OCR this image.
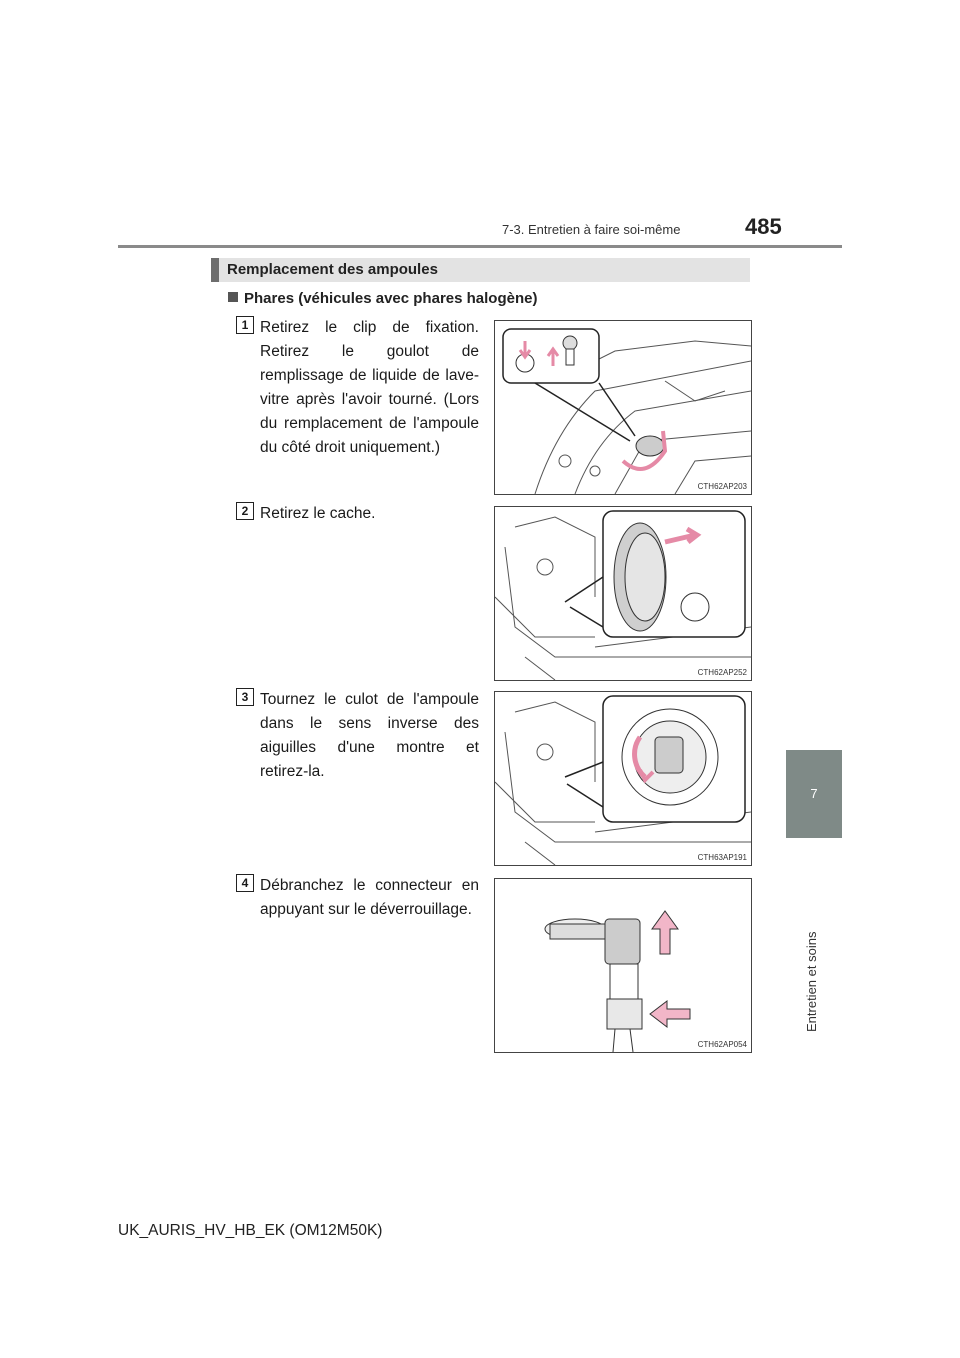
7-3. Entretien à faire soi-même	485
7
Entretien et soins
Remplacement des ampoules
Phares (véhicules avec phares halogène)
1 Retirez le clip de fixation. Retirez le goulot de remplissage de liquide de lave-vitre après l'avoir tourné. (Lors du remplacement de l'ampoule du côté droit uniquement.)
CTH62AP203
2 Retirez le cache.
CTH62AP252
3 Tournez le culot de l'ampoule dans le sens inverse des aiguilles d'une montre et retirez-la.
CTH63AP191
4 Débranchez le connecteur en appuyant sur le déverrouillage.
CTH62AP054
UK_AURIS_HV_HB_EK (OM12M50K)
